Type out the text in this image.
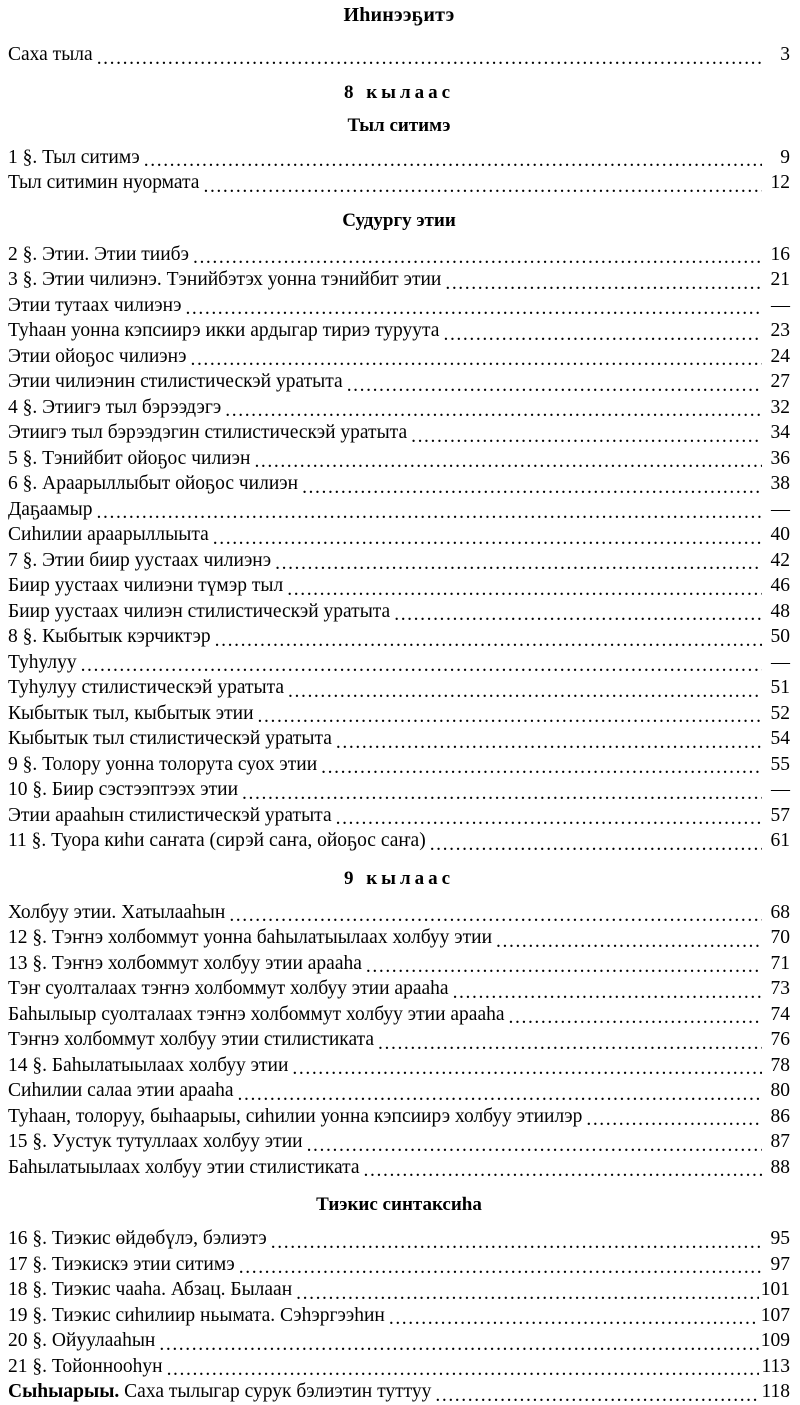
Иһинээҕитэ
Саха тыла .....	3
8 кылаас
Тыл ситимэ
1 §. Тыл ситимэ .....	9
Тыл ситимин нуормата .....	12
Судургу этии
2 §. Этии. Этии тиибэ .....	16
3 §. Этии чилиэнэ. Тэнийбэтэх уонна тэнийбит этии .....	21
Этии тутаах чилиэнэ .....	—
Туһаан уонна кэпсиирэ икки ардыгар тириэ туруута .....	23
Этии ойоҕос чилиэнэ .....	24
Этии чилиэнин стилистическэй уратыта .....	27
4 §. Этиигэ тыл бэрээдэгэ .....	32
Этиигэ тыл бэрээдэгин стилистическэй уратыта .....	34
5 §. Тэнийбит ойоҕос чилиэн .....	36
6 §. Араарыллыбыт ойоҕос чилиэн .....	38
Даҕаамыр .....	—
Сиһилии араарыллыыта .....	40
7 §. Этии биир уустаах чилиэнэ .....	42
Биир уустаах чилиэни түмэр тыл .....	46
Биир уустаах чилиэн стилистическэй уратыта .....	48
8 §. Кыбытык кэрчиктэр .....	50
Туһулуу .....	—
Туһулуу стилистическэй уратыта .....	51
Кыбытык тыл, кыбытык этии .....	52
Кыбытык тыл стилистическэй уратыта .....	54
9 §. Толору уонна толорута суох этии .....	55
10 §. Биир сэстээптээх этии .....	—
Этии арааһын стилистическэй уратыта .....	57
11 §. Туора киһи саҥата (сирэй саҥа, ойоҕос саҥа) .....	61
9 кылаас
Холбуу этии. Хатылааһын .....	68
12 §. Тэҥнэ холбоммут уонна баһылатыылаах холбуу этии .....	70
13 §. Тэҥнэ холбоммут холбуу этии арааһа .....	71
Тэҥ суолталаах тэҥнэ холбоммут холбуу этии арааһа .....	73
Баһылыыр суолталаах тэҥнэ холбоммут холбуу этии арааһа .....	74
Тэҥнэ холбоммут холбуу этии стилистиката .....	76
14 §. Баһылатыылаах холбуу этии .....	78
Сиһилии салаа этии арааһа .....	80
Туһаан, толоруу, быһаарыы, сиһилии уонна кэпсиирэ холбуу этиилэр .....	86
15 §. Уустук тутуллаах холбуу этии .....	87
Баһылатыылаах холбуу этии стилистиката .....	88
Тиэкис синтаксиһа
16 §. Тиэкис өйдөбүлэ, бэлиэтэ .....	95
17 §. Тиэкискэ этии ситимэ .....	97
18 §. Тиэкис чааһа. Абзац. Былаан .....	101
19 §. Тиэкис сиһилиир ньымата. Сэһэргээһин .....	107
20 §. Ойуулааһын .....	109
21 §. Тойоннооһун .....	113
Сыһыарыы. Саха тылыгар сурук бэлиэтин туттуу .....	118
